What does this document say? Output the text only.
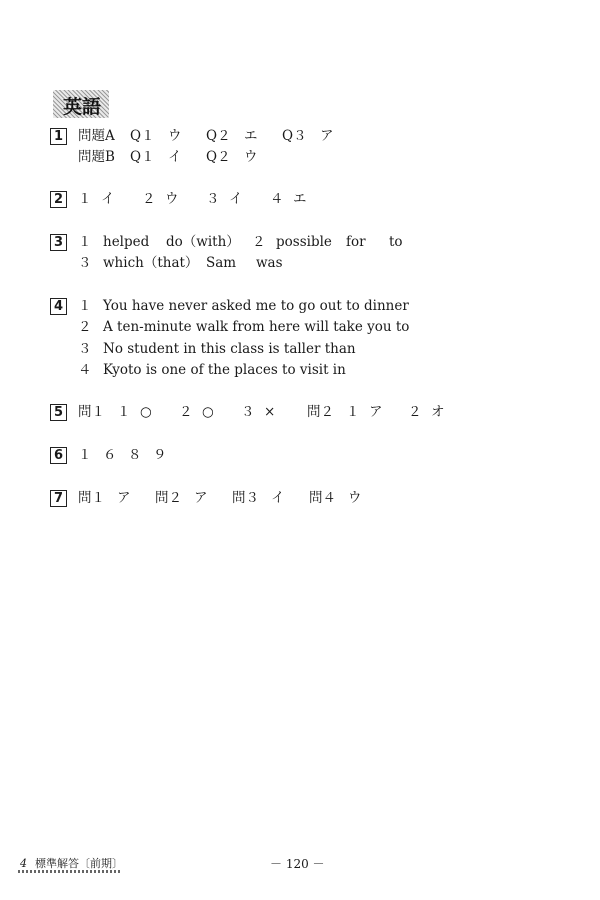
英語
1 問題A Q１ ウ Q２ エ Q３ ア
問題B Q１ イ Q２ ウ
2 １ イ ２ ウ ３ イ ４ エ
3 １ helped do（with） ２ possible for to
３ which（that） Sam was
4 １ You have never asked me to go out to dinner
２ A ten-minute walk from here will take you to
３ No student in this class is taller than
４ Kyoto is one of the places to visit in
5 問１ １ ○ ２ ○ ３ × 問２ １ ア ２ オ
6 １ ６ ８ ９
7 問１ ア 問２ ア 問３ イ 問４ ウ
4 標準解答〔前期〕	－ 120 －
